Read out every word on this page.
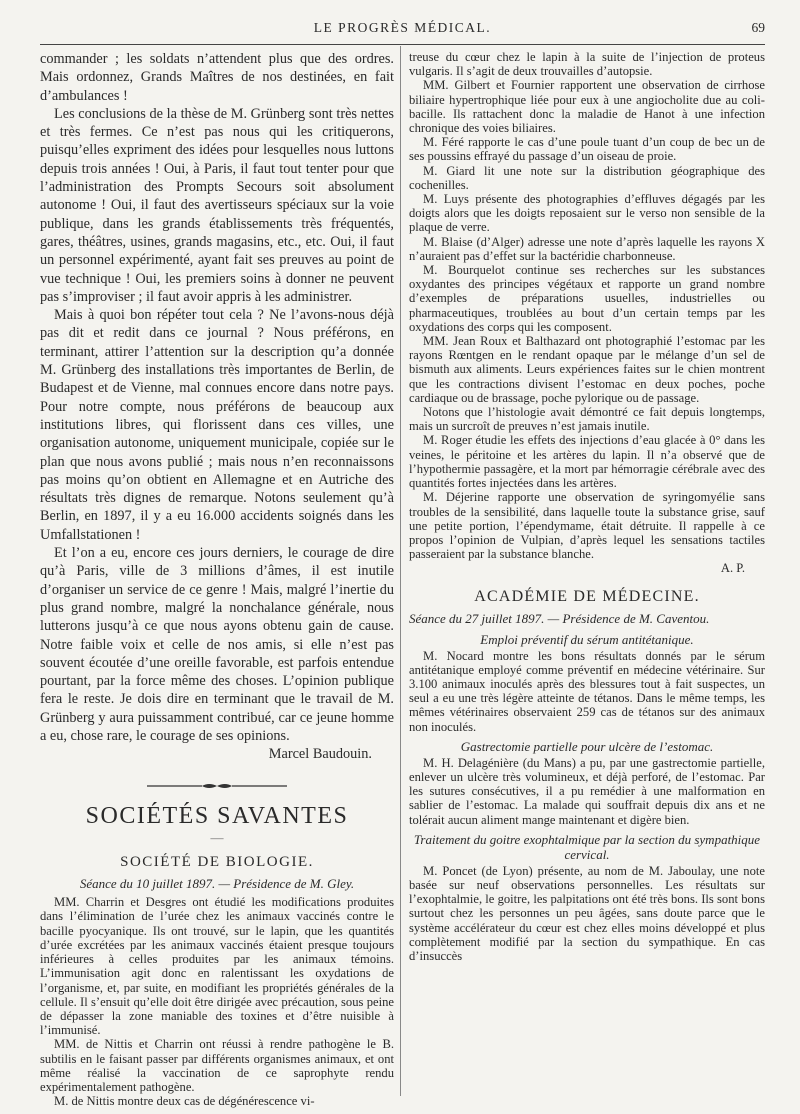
LE PROGRÈS MÉDICAL.	69

commander ; les soldats n’attendent plus que des ordres. Mais ordonnez, Grands Maîtres de nos destinées, en fait d’ambulances !

Les conclusions de la thèse de M. Grünberg sont très nettes et très fermes. Ce n’est pas nous qui les critiquerons, puisqu’elles expriment des idées pour lesquelles nous luttons depuis trois années ! Oui, à Paris, il faut tout tenter pour que l’administration des Prompts Secours soit absolument autonome ! Oui, il faut des avertisseurs spéciaux sur la voie publique, dans les grands établissements très fréquentés, gares, théâtres, usines, grands magasins, etc., etc. Oui, il faut un personnel expérimenté, ayant fait ses preuves au point de vue technique ! Oui, les premiers soins à donner ne peuvent pas s’improviser ; il faut avoir appris à les administrer.

Mais à quoi bon répéter tout cela ? Ne l’avons-nous déjà pas dit et redit dans ce journal ? Nous préférons, en terminant, attirer l’attention sur la description qu’a donnée M. Grünberg des installations très importantes de Berlin, de Budapest et de Vienne, mal connues encore dans notre pays. Pour notre compte, nous préférons de beaucoup aux institutions libres, qui florissent dans ces villes, une organisation autonome, uniquement municipale, copiée sur le plan que nous avons publié ; mais nous n’en reconnaissons pas moins qu’on obtient en Allemagne et en Autriche des résultats très dignes de remarque. Notons seulement qu’à Berlin, en 1897, il y a eu 16.000 accidents soignés dans les Umfallstationen !

Et l’on a eu, encore ces jours derniers, le courage de dire qu’à Paris, ville de 3 millions d’âmes, il est inutile d’organiser un service de ce genre ! Mais, malgré l’inertie du plus grand nombre, malgré la nonchalance générale, nous lutterons jusqu’à ce que nous ayons obtenu gain de cause. Notre faible voix et celle de nos amis, si elle n’est pas souvent écoutée d’une oreille favorable, est parfois entendue pourtant, par la force même des choses. L’opinion publique fera le reste. Je dois dire en terminant que le travail de M. Grünberg y aura puissamment contribué, car ce jeune homme a eu, chose rare, le courage de ses opinions.

Marcel Baudouin.
SOCIÉTÉS SAVANTES
—
SOCIÉTÉ DE BIOLOGIE.
Séance du 10 juillet 1897. — Présidence de M. Gley.

MM. Charrin et Desgres ont étudié les modifications produites dans l’élimination de l’urée chez les animaux vaccinés contre le bacille pyocyanique. Ils ont trouvé, sur le lapin, que les quantités d’urée excrétées par les animaux vaccinés étaient presque toujours inférieures à celles produites par les animaux témoins. L’immunisation agit donc en ralentissant les oxydations de l’organisme, et, par suite, en modifiant les propriétés générales de la cellule. Il s’ensuit qu’elle doit être dirigée avec précaution, sous peine de dépasser la zone maniable des toxines et d’être nuisible à l’immunisé.

MM. de Nittis et Charrin ont réussi à rendre pathogène le B. subtilis en le faisant passer par différents organismes animaux, et ont même réalisé la vaccination de ce saprophyte rendu expérimentalement pathogène.

M. de Nittis montre deux cas de dégénérescence vi-

treuse du cœur chez le lapin à la suite de l’injection de proteus vulgaris. Il s’agit de deux trouvailles d’autopsie.

MM. Gilbert et Fournier rapportent une observation de cirrhose biliaire hypertrophique liée pour eux à une angiocholite due au coli-bacille. Ils rattachent donc la maladie de Hanot à une infection chronique des voies biliaires.

M. Féré rapporte le cas d’une poule tuant d’un coup de bec un de ses poussins effrayé du passage d’un oiseau de proie.

M. Giard lit une note sur la distribution géographique des cochenilles.

M. Luys présente des photographies d’effluves dégagés par les doigts alors que les doigts reposaient sur le verso non sensible de la plaque de verre.

M. Blaise (d’Alger) adresse une note d’après laquelle les rayons X n’auraient pas d’effet sur la bactéridie charbonneuse.

M. Bourquelot continue ses recherches sur les substances oxydantes des principes végétaux et rapporte un grand nombre d’exemples de préparations usuelles, industrielles ou pharmaceutiques, troublées au bout d’un certain temps par les oxydations des corps qui les composent.

MM. Jean Roux et Balthazard ont photographié l’estomac par les rayons Rœntgen en le rendant opaque par le mélange d’un sel de bismuth aux aliments. Leurs expériences faites sur le chien montrent que les contractions divisent l’estomac en deux poches, poche cardiaque ou de brassage, poche pylorique ou de passage.

Notons que l’histologie avait démontré ce fait depuis longtemps, mais un surcroît de preuves n’est jamais inutile.

M. Roger étudie les effets des injections d’eau glacée à 0° dans les veines, le péritoine et les artères du lapin. Il n’a observé que de l’hypothermie passagère, et la mort par hémorragie cérébrale avec des quantités fortes injectées dans les artères.

M. Déjerine rapporte une observation de syringomyélie sans troubles de la sensibilité, dans laquelle toute la substance grise, sauf une petite portion, l’épendymame, était détruite. Il rappelle à ce propos l’opinion de Vulpian, d’après lequel les sensations tactiles passeraient par la substance blanche.

A. P.
ACADÉMIE DE MÉDECINE.
Séance du 27 juillet 1897. — Présidence de M. Caventou.
Emploi préventif du sérum antitétanique.

M. Nocard montre les bons résultats donnés par le sérum antitétanique employé comme préventif en médecine vétérinaire. Sur 3.100 animaux inoculés après des blessures tout à fait suspectes, un seul a eu une très légère atteinte de tétanos. Dans le même temps, les mêmes vétérinaires observaient 259 cas de tétanos sur des animaux non inoculés.

Gastrectomie partielle pour ulcère de l’estomac.

M. H. Delagénière (du Mans) a pu, par une gastrectomie partielle, enlever un ulcère très volumineux, et déjà perforé, de l’estomac. Par les sutures consécutives, il a pu remédier à une malformation en sablier de l’estomac. La malade qui souffrait depuis dix ans et ne tolérait aucun aliment mange maintenant et digère bien.

Traitement du goitre exophtalmique par la section du sympathique cervical.

M. Poncet (de Lyon) présente, au nom de M. Jaboulay, une note basée sur neuf observations personnelles. Les résultats sur l’exophtalmie, le goitre, les palpitations ont été très bons. Ils sont bons surtout chez les personnes un peu âgées, sans doute parce que le système accélérateur du cœur est chez elles moins développé et plus complètement modifié par la section du sympathique. En cas d’insuccès
